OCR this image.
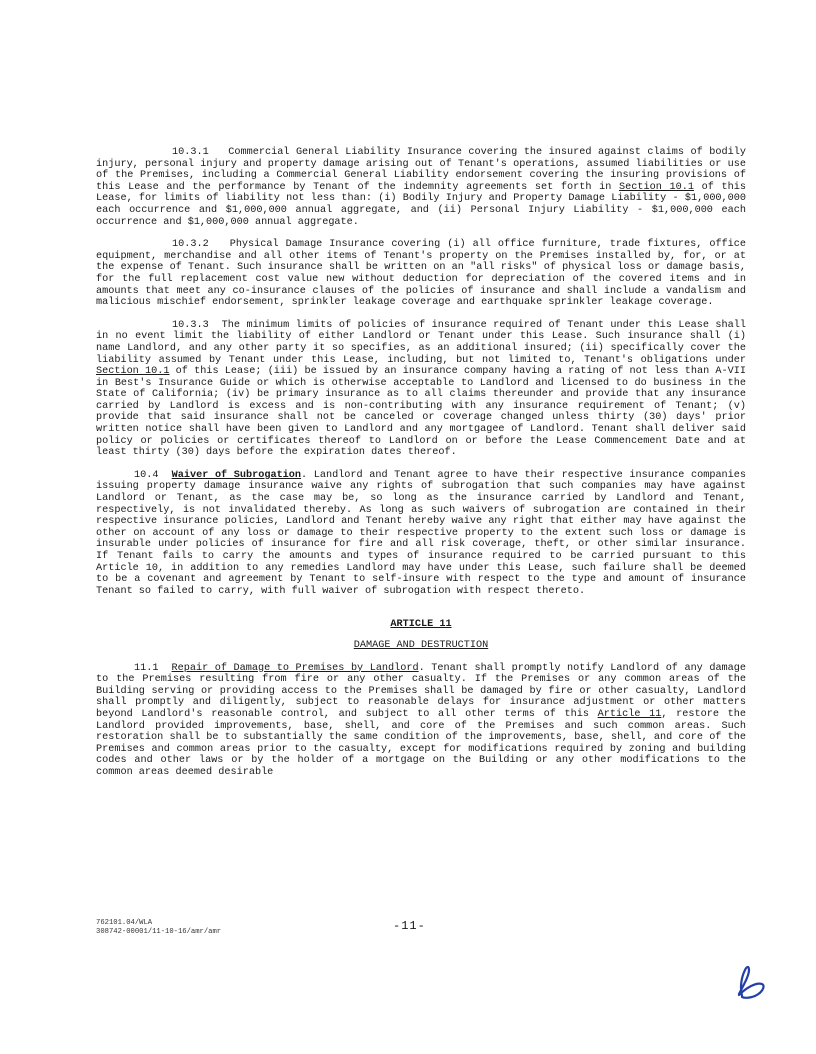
10.3.1 Commercial General Liability Insurance covering the insured against claims of bodily injury, personal injury and property damage arising out of Tenant's operations, assumed liabilities or use of the Premises, including a Commercial General Liability endorsement covering the insuring provisions of this Lease and the performance by Tenant of the indemnity agreements set forth in Section 10.1 of this Lease, for limits of liability not less than: (i) Bodily Injury and Property Damage Liability - $1,000,000 each occurrence and $1,000,000 annual aggregate, and (ii) Personal Injury Liability - $1,000,000 each occurrence and $1,000,000 annual aggregate.

10.3.2 Physical Damage Insurance covering (i) all office furniture, trade fixtures, office equipment, merchandise and all other items of Tenant's property on the Premises installed by, for, or at the expense of Tenant. Such insurance shall be written on an "all risks" of physical loss or damage basis, for the full replacement cost value new without deduction for depreciation of the covered items and in amounts that meet any co-insurance clauses of the policies of insurance and shall include a vandalism and malicious mischief endorsement, sprinkler leakage coverage and earthquake sprinkler leakage coverage.

10.3.3 The minimum limits of policies of insurance required of Tenant under this Lease shall in no event limit the liability of either Landlord or Tenant under this Lease. Such insurance shall (i) name Landlord, and any other party it so specifies, as an additional insured; (ii) specifically cover the liability assumed by Tenant under this Lease, including, but not limited to, Tenant's obligations under Section 10.1 of this Lease; (iii) be issued by an insurance company having a rating of not less than A-VII in Best's Insurance Guide or which is otherwise acceptable to Landlord and licensed to do business in the State of California; (iv) be primary insurance as to all claims thereunder and provide that any insurance carried by Landlord is excess and is non-contributing with any insurance requirement of Tenant; (v) provide that said insurance shall not be canceled or coverage changed unless thirty (30) days' prior written notice shall have been given to Landlord and any mortgagee of Landlord. Tenant shall deliver said policy or policies or certificates thereof to Landlord on or before the Lease Commencement Date and at least thirty (30) days before the expiration dates thereof.

10.4 Waiver of Subrogation. Landlord and Tenant agree to have their respective insurance companies issuing property damage insurance waive any rights of subrogation that such companies may have against Landlord or Tenant, as the case may be, so long as the insurance carried by Landlord and Tenant, respectively, is not invalidated thereby. As long as such waivers of subrogation are contained in their respective insurance policies, Landlord and Tenant hereby waive any right that either may have against the other on account of any loss or damage to their respective property to the extent such loss or damage is insurable under policies of insurance for fire and all risk coverage, theft, or other similar insurance. If Tenant fails to carry the amounts and types of insurance required to be carried pursuant to this Article 10, in addition to any remedies Landlord may have under this Lease, such failure shall be deemed to be a covenant and agreement by Tenant to self-insure with respect to the type and amount of insurance Tenant so failed to carry, with full waiver of subrogation with respect thereto.

ARTICLE 11
DAMAGE AND DESTRUCTION

11.1 Repair of Damage to Premises by Landlord. Tenant shall promptly notify Landlord of any damage to the Premises resulting from fire or any other casualty. If the Premises or any common areas of the Building serving or providing access to the Premises shall be damaged by fire or other casualty, Landlord shall promptly and diligently, subject to reasonable delays for insurance adjustment or other matters beyond Landlord's reasonable control, and subject to all other terms of this Article 11, restore the Landlord provided improvements, base, shell, and core of the Premises and such common areas. Such restoration shall be to substantially the same condition of the improvements, base, shell, and core of the Premises and common areas prior to the casualty, except for modifications required by zoning and building codes and other laws or by the holder of a mortgage on the Building or any other modifications to the common areas deemed desirable

762101.04/WLA
308742-00001/11-10-16/amr/amr	-11-
